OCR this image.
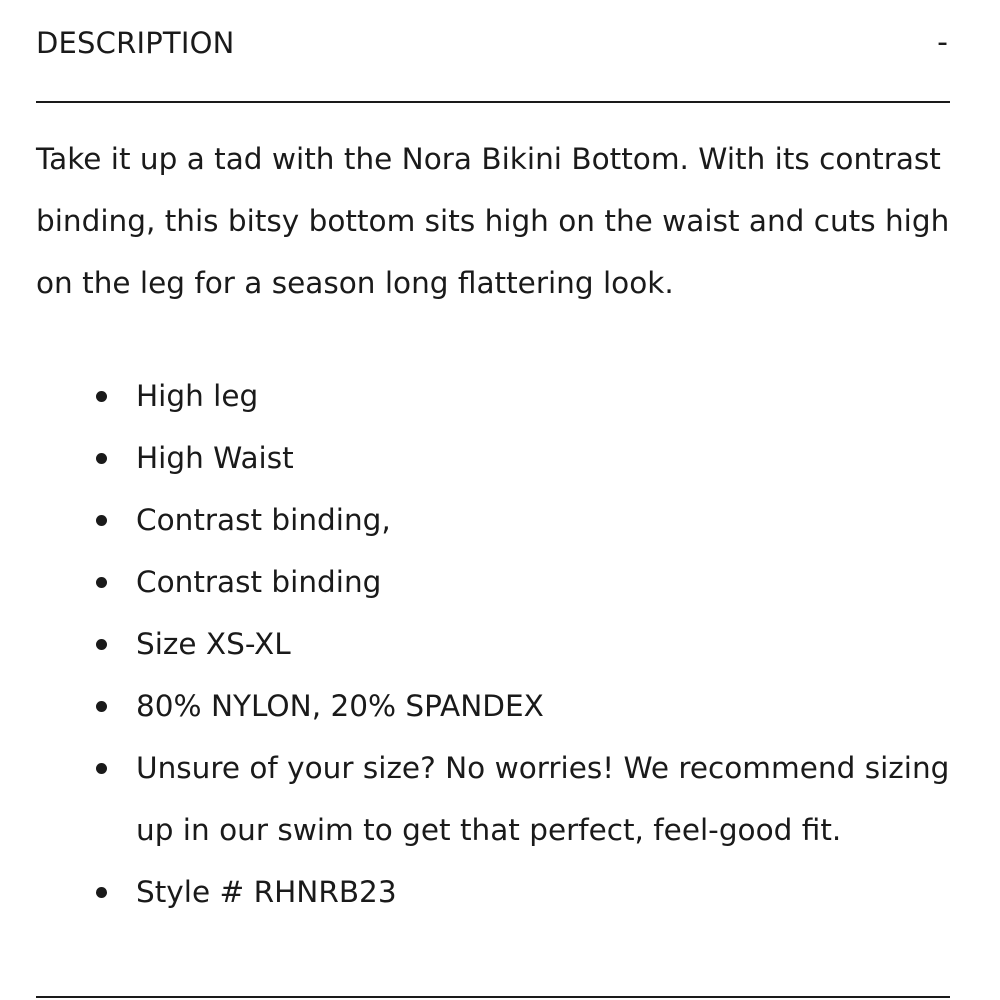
DESCRIPTION	-

Take it up a tad with the Nora Bikini Bottom. With its contrast binding, this bitsy bottom sits high on the waist and cuts high on the leg for a season long flattering look.

High leg
High Waist
Contrast binding,
Contrast binding
Size XS-XL
80% NYLON, 20% SPANDEX
Unsure of your size? No worries! We recommend sizing up in our swim to get that perfect, feel-good fit.
Style # RHNRB23
